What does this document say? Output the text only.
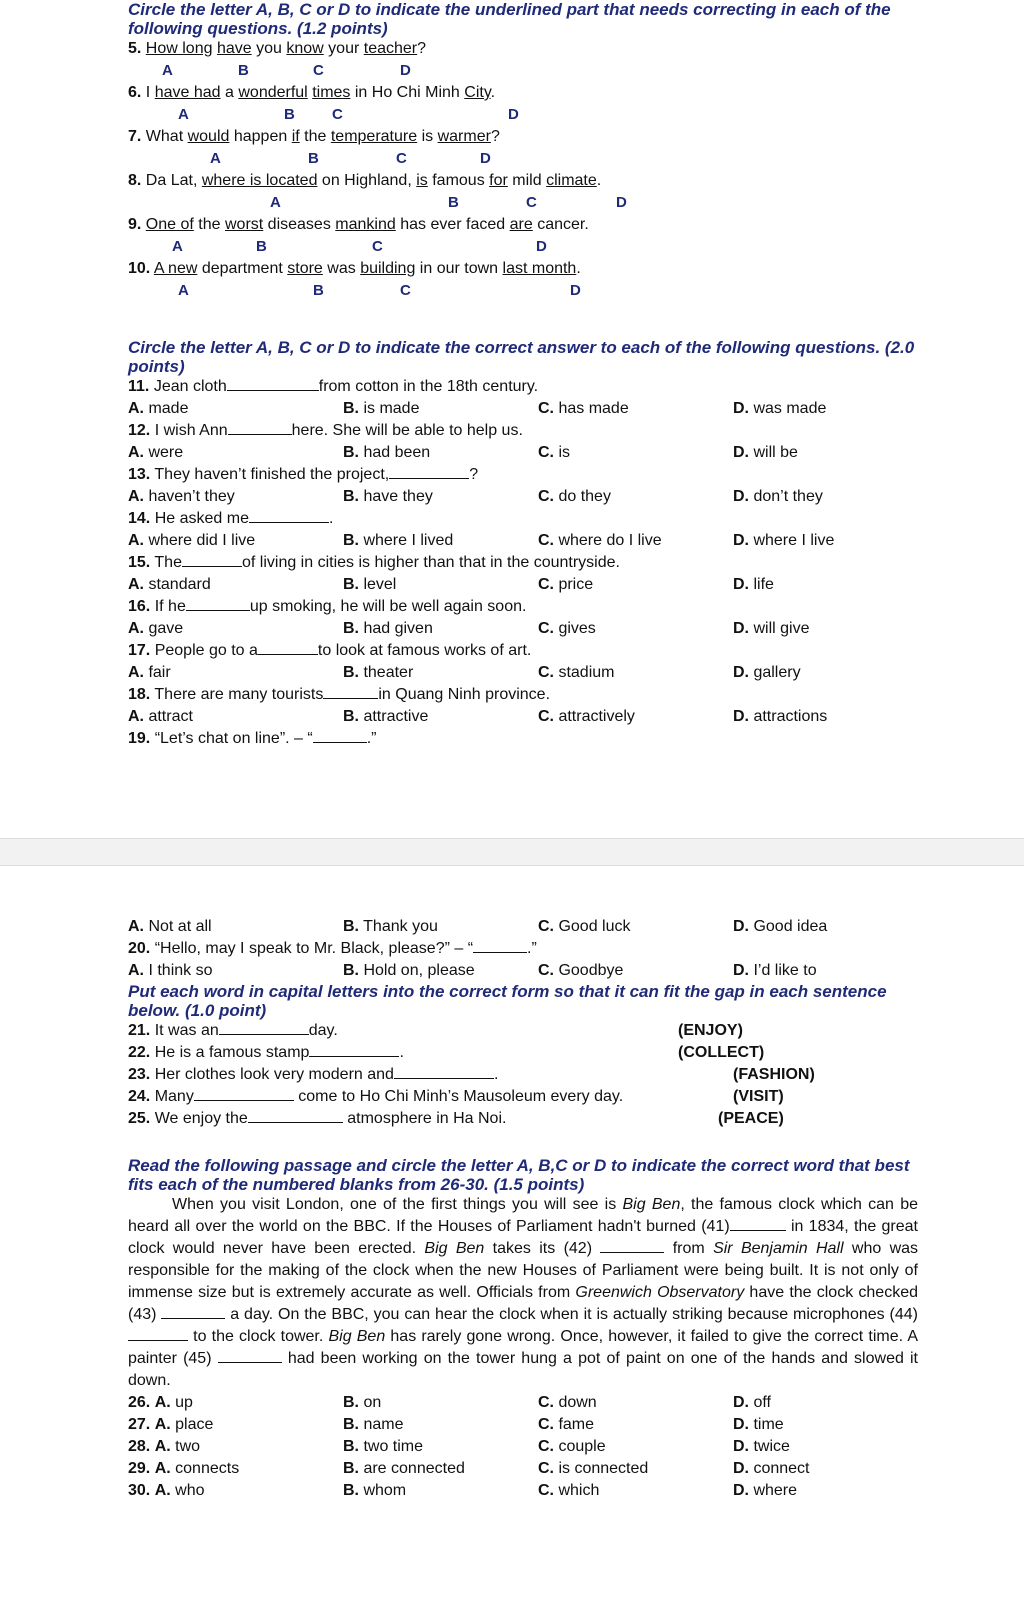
Circle the letter A, B, C or D to indicate the underlined part that needs correcting in each of the following questions. (1.2 points)
5. How long have you know your teacher?
A	B	C	D
6. I have had a wonderful times in Ho Chi Minh City.
A	B C	D
7. What would happen if the temperature is warmer?
A	B	C	D
8. Da Lat, where is located on Highland, is famous for mild climate.
A	B	C	D
9. One of the worst diseases mankind has ever faced are cancer.
A	B	C	D
10. A new department store was building in our town last month.
A	B	C	D
Circle the letter A, B, C or D to indicate the correct answer to each of the following questions. (2.0 points)
11. Jean cloth	from cotton in the 18th century.
A. made	B. is made	C. has made	D. was made
12. I wish Ann	here. She will be able to help us.
A. were	B. had been	C. is	D. will be
13. They haven’t finished the project,	?
A. haven’t they	B. have they	C. do they	D. don’t they
14. He asked me	.
A. where did I live	B. where I lived	C. where do I live	D. where I live
15. The	of living in cities is higher than that in the countryside.
A. standard	B. level	C. price	D. life
16. If he	up smoking, he will be well again soon.
A. gave	B. had given	C. gives	D. will give
17. People go to a	to look at famous works of art.
A. fair	B. theater	C. stadium	D. gallery
18. There are many tourists	in Quang Ninh province.
A. attract	B. attractive	C. attractively	D. attractions
19. “Let’s chat on line”. – “	.”
A. Not at all	B. Thank you	C. Good luck	D. Good idea
20. “Hello, may I speak to Mr. Black, please?” – “	.”
A. I think so	B. Hold on, please	C. Goodbye	D. I’d like to
Put each word in capital letters into the correct form so that it can fit the gap in each sentence below. (1.0 point)
21. It was an	day.	(ENJOY)
22. He is a famous stamp	.	(COLLECT)
23. Her clothes look very modern and	.	(FASHION)
24. Many	come to Ho Chi Minh’s Mausoleum every day.	(VISIT)
25. We enjoy the	atmosphere in Ha Noi.	(PEACE)
Read the following passage and circle the letter A, B,C or D to indicate the correct word that best fits each of the numbered blanks from 26-30. (1.5 points)
When you visit London, one of the first things you will see is Big Ben, the famous clock which can be heard all over the world on the BBC. If the Houses of Parliament hadn't burned (41)	in 1834, the great clock would never have been erected. Big Ben takes its (42)	from Sir Benjamin Hall who was responsible for the making of the clock when the new Houses of Parliament were being built. It is not only of immense size but is extremely accurate as well. Officials from Greenwich Observatory have the clock checked (43)	a day. On the BBC, you can hear the clock when it is actually striking because microphones (44)  to the clock tower. Big Ben has rarely gone wrong. Once, however, it failed to give the correct time. A painter (45)	had been working on the tower hung a pot of paint on one of the hands and slowed it down.
26. A. up	B. on	C. down	D. off
27. A. place	B. name	C. fame	D. time
28. A. two	B. two time	C. couple	D. twice
29. A. connects	B. are connected	C. is connected	D. connect
30. A. who	B. whom	C. which	D. where
